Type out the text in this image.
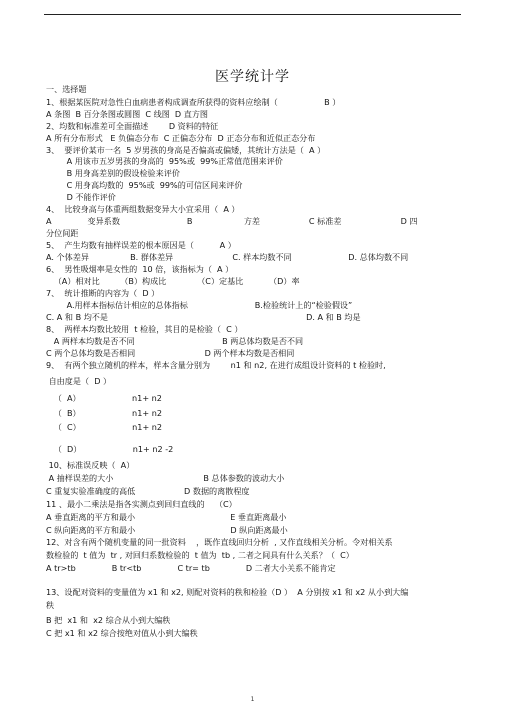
医学统计学
一、选择题
1、根据某医院对急性白血病患者构成调查所获得的资料应绘制（                  B ）
A 条图  B 百分条图或圆图  C 线图  D 直方图
2、均数和标准差可全面描述        D 资料的特征
A 所有分布形式   E 负偏态分布  C 正偏态分布  D 正态分布和近似正态分布
3、  要评价某市一名  5 岁男孩的身高是否偏高或偏矮，其统计方法是（  A ）
A 用该市五岁男孩的身高的  95%或  99%正常值范围来评价
B 用身高差别的假设检验来评价
C 用身高均数的  95%或  99%的可信区间来评价
D 不能作评价
4、  比较身高与体重两组数据变异大小宜采用（  A ）
A              变异系数                          B                    方差                   C 标准差                       D 四
分位间距
5、  产生均数有抽样误差的根本原因是（          A ）
A. 个体差异                B. 群体差异                       C. 样本均数不同                      D. 总体均数不同
6、  男性吸烟率是女性的  10 倍，该指标为（  A ）
（A）相对比        （B）构成比            （C）定基比          （D）率
7、  统计推断的内容为（  D ）
A.用样本指标估计相应的总体指标                          B.检验统计上的“检验假设”
C. A 和 B 均不是                                                                             D. A 和 B 均是
8、  两样本均数比较用  t 检验，其目的是检验（  C ）
A 两样本均数是否不同                                  B 两总体均数是否不同
C 两个总体均数是否相同                           D 两个样本均数是否相同
9、  有两个独立随机的样本，样本含量分别为        n1 和 n2, 在进行成组设计资料的 t 检验时,
自由度是（  D ）
（  A）                    n1+ n2
（  B）                    n1+ n2
（  C）                    n1+ n2
（  D）                    n1+ n2 -2
10、标准误反映（  A）
A 抽样误差的大小                                   B 总体参数的波动大小
C 重复实验准确度的高低                   D 数据的离散程度
11 、最小二乘法是指各实测点到回归直线的    （C）
A 垂直距离的平方和最小                                     E 垂直距离最小
C 纵向距离的平方和最小                                     D 纵向距离最小
12、对含有两个随机变量的同一批资料    ，既作直线回归分析  , 又作直线相关分析。令对相关系
数检验的  t 值为  tr , 对回归系数检验的  t 值为  tb , 二者之间具有什么关系？（  C）
A tr>tb              B tr<tb              C tr= tb              D 二者大小关系不能肯定
13、设配对资料的变量值为 x1 和 x2, 则配对资料的秩和检验（D ）  A 分别按 x1 和 x2 从小到大编
秩
B 把  x1 和  x2 综合从小到大编秩
C 把 x1 和 x2 综合按绝对值从小到大编秩
1
